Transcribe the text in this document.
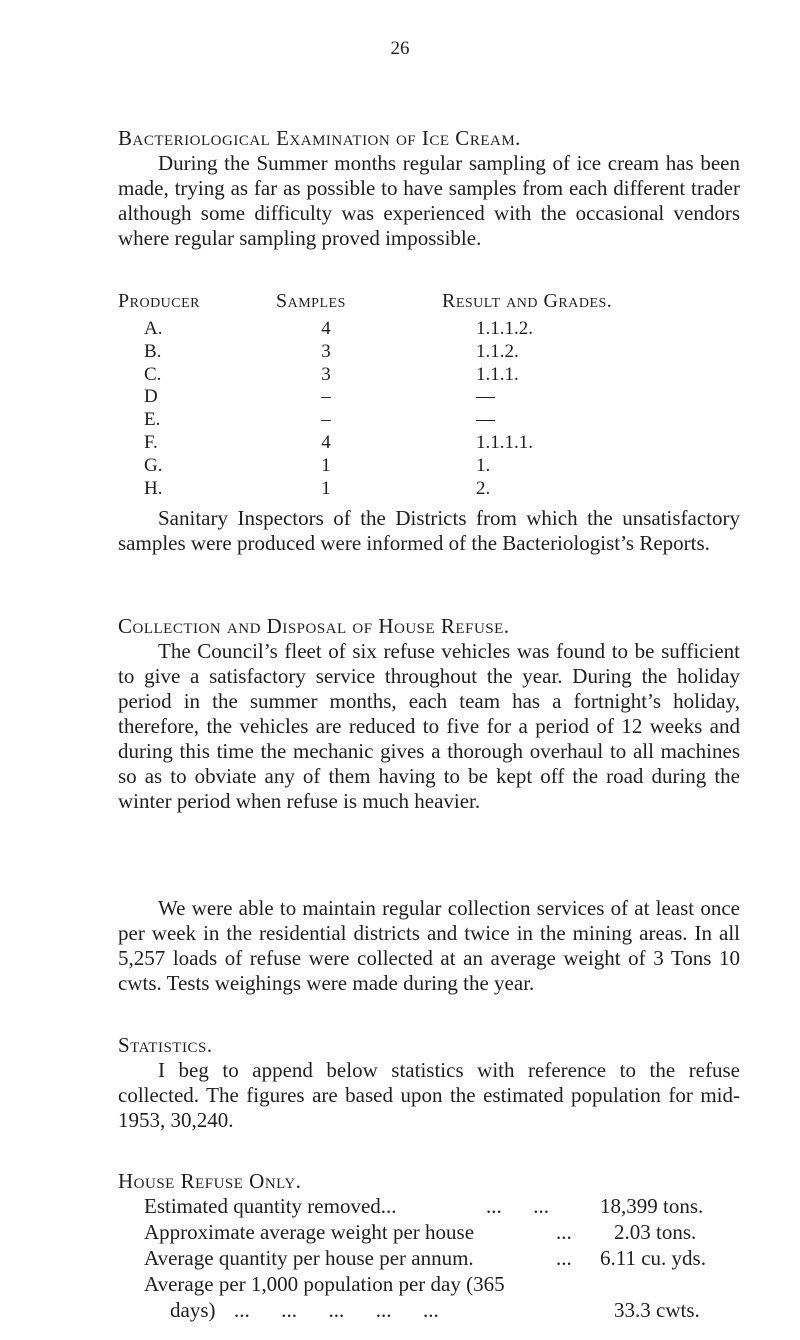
26
Bacteriological Examination of Ice Cream.
During the Summer months regular sampling of ice cream has been made, trying as far as possible to have samples from each different trader although some difficulty was experienced with the occasional vendors where regular sampling proved impossible.
Producer	Samples	Result and Grades.
A.	4	1.1.1.2.
B.	3	1.1.2.
C.	3	1.1.1.
D	–	—
E.	–	—
F.	4	1.1.1.1.
G.	1	1.
H.	1	2.
Sanitary Inspectors of the Districts from which the unsatisfactory samples were produced were informed of the Bacteriologist’s Reports.
Collection and Disposal of House Refuse.
The Council’s fleet of six refuse vehicles was found to be sufficient to give a satisfactory service throughout the year. During the holiday period in the summer months, each team has a fortnight’s holiday, therefore, the vehicles are reduced to five for a period of 12 weeks and during this time the mechanic gives a thorough overhaul to all machines so as to obviate any of them having to be kept off the road during the winter period when refuse is much heavier.
We were able to maintain regular collection services of at least once per week in the residential districts and twice in the mining areas. In all 5,257 loads of refuse were collected at an average weight of 3 Tons 10 cwts. Tests weighings were made during the year.
Statistics.
I beg to append below statistics with reference to the refuse collected. The figures are based upon the estimated population for mid-1953, 30,240.
House Refuse Only.
Estimated quantity removed...	...      ...	18,399 tons.
Approximate average weight per house	...	2.03 tons.
Average quantity per house per annum.	...	6.11 cu. yds.
Average per 1,000 population per day (365
days) ...      ...      ...      ...      ...	33.3 cwts.
